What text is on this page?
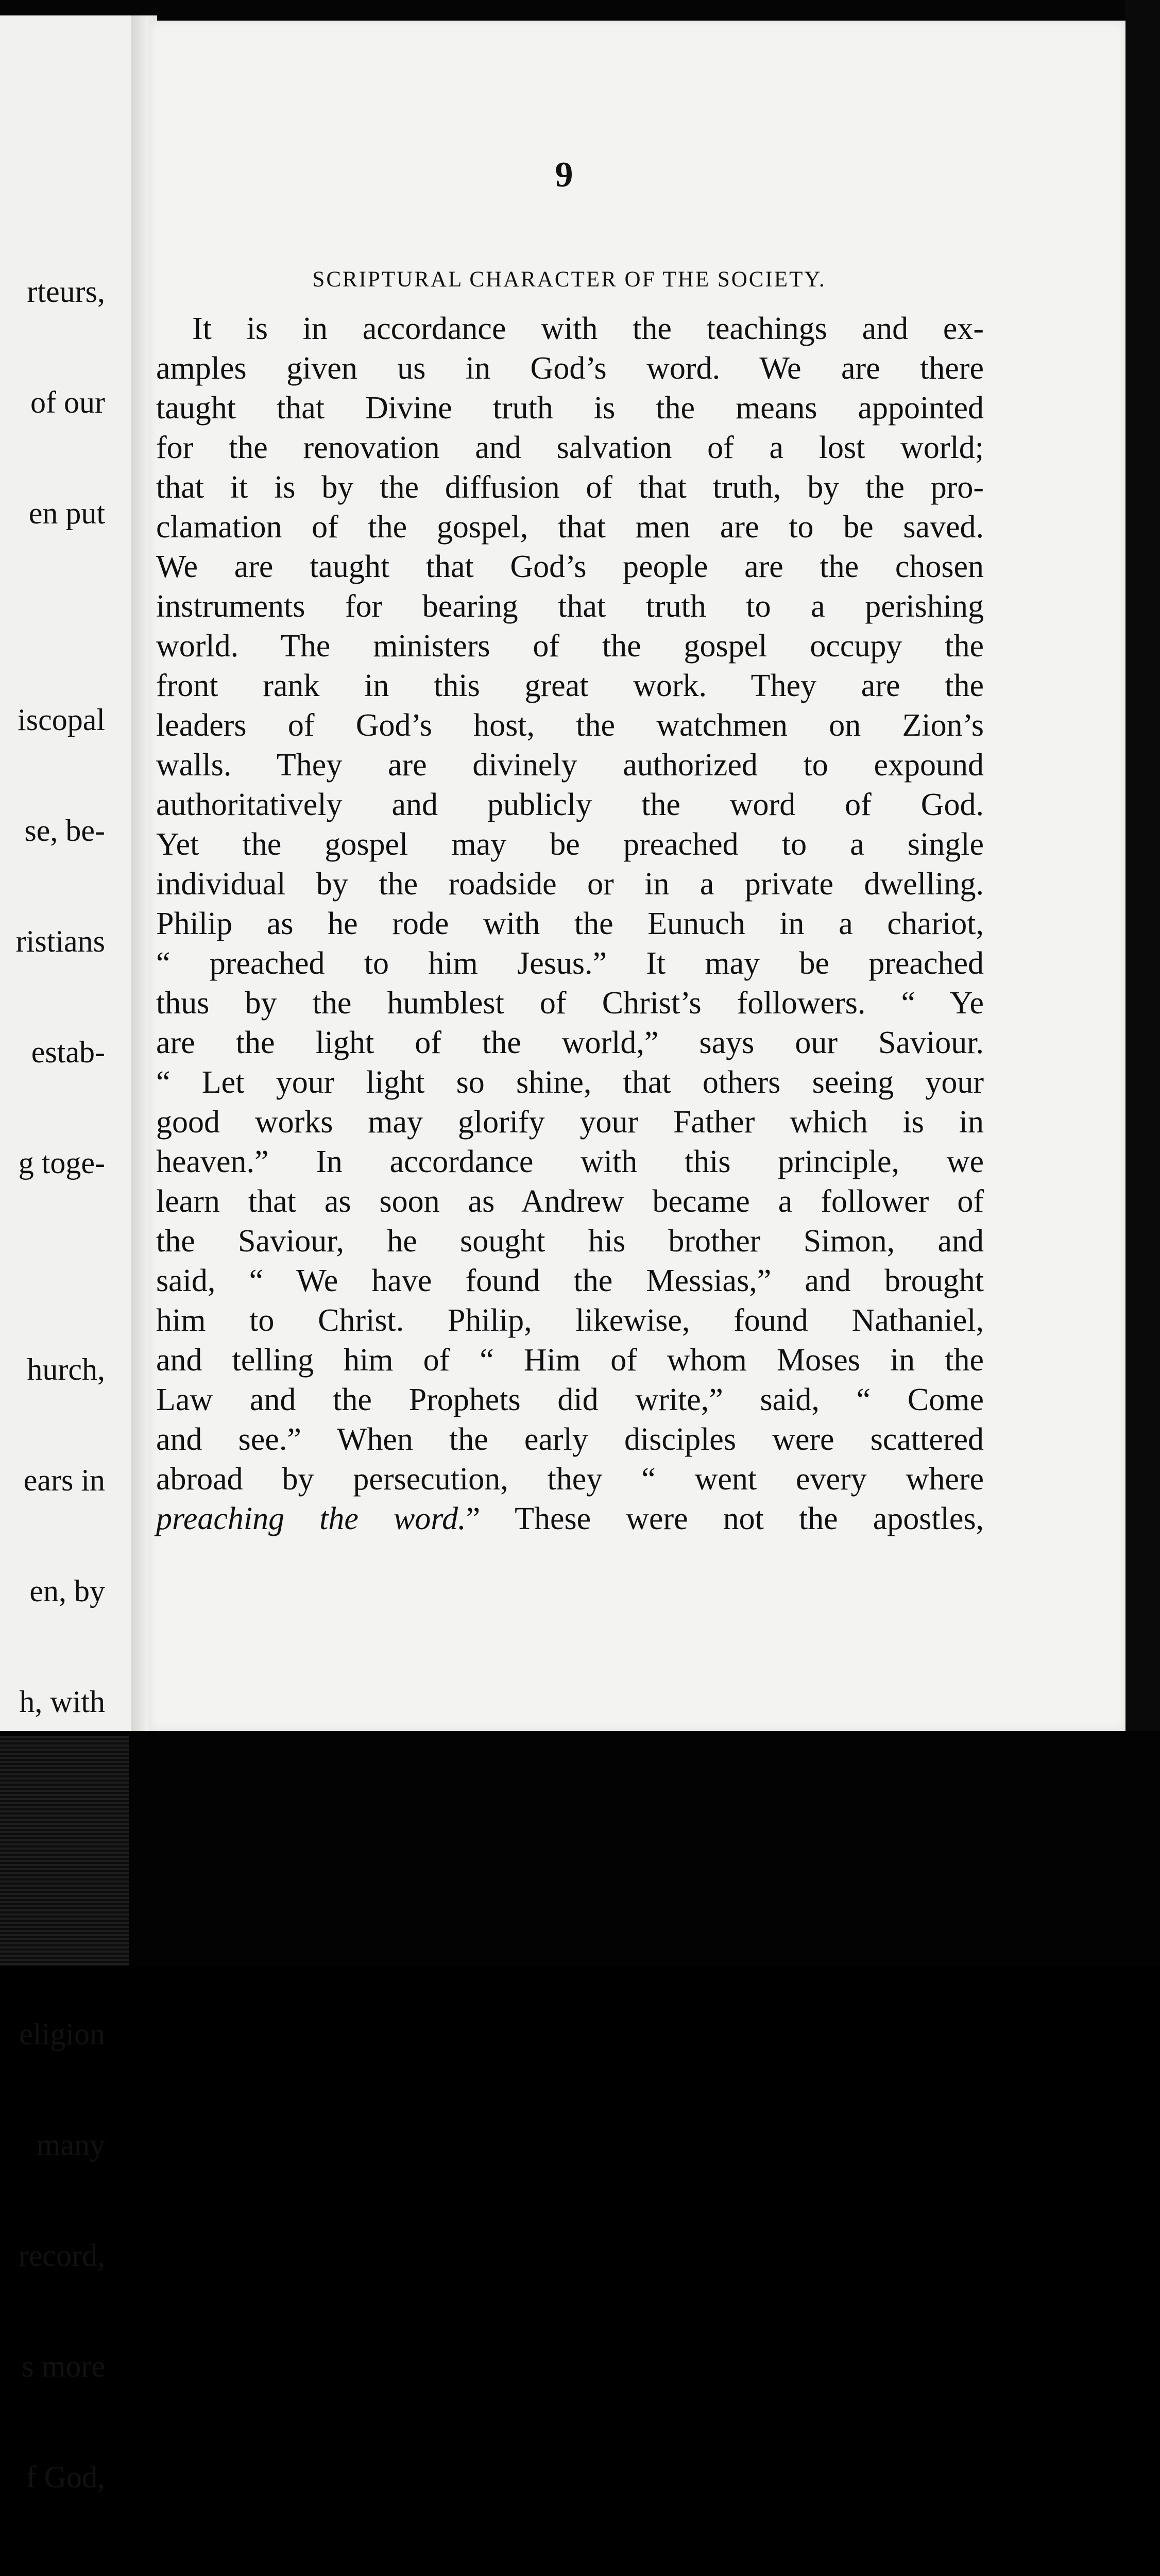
rteurs,

of our

en put

iscopal

se, be-

ristians

estab-

g toge-

hurch,

ears in

en, by

h, with

eligion

many

record,

s more

f God,

9
SCRIPTURAL CHARACTER OF THE SOCIETY.
It is in accordance with the teachings and ex-
amples given us in God’s word. We are there
taught that Divine truth is the means appointed
for the renovation and salvation of a lost world;
that it is by the diffusion of that truth, by the pro-
clamation of the gospel, that men are to be saved.
We are taught that God’s people are the chosen
instruments for bearing that truth to a perishing
world. The ministers of the gospel occupy the
front rank in this great work. They are the
leaders of God’s host, the watchmen on Zion’s
walls. They are divinely authorized to expound
authoritatively and publicly the word of God.
Yet the gospel may be preached to a single
individual by the roadside or in a private dwelling.
Philip as he rode with the Eunuch in a chariot,
“ preached to him Jesus.” It may be preached
thus by the humblest of Christ’s followers. “ Ye
are the light of the world,” says our Saviour.
“ Let your light so shine, that others seeing your
good works may glorify your Father which is in
heaven.” In accordance with this principle, we
learn that as soon as Andrew became a follower of
the Saviour, he sought his brother Simon, and
said, “ We have found the Messias,” and brought
him to Christ. Philip, likewise, found Nathaniel,
and telling him of “ Him of whom Moses in the
Law and the Prophets did write,” said, “ Come
and see.” When the early disciples were scattered
abroad by persecution, they “ went every where
preaching the word.” These were not the apostles,
